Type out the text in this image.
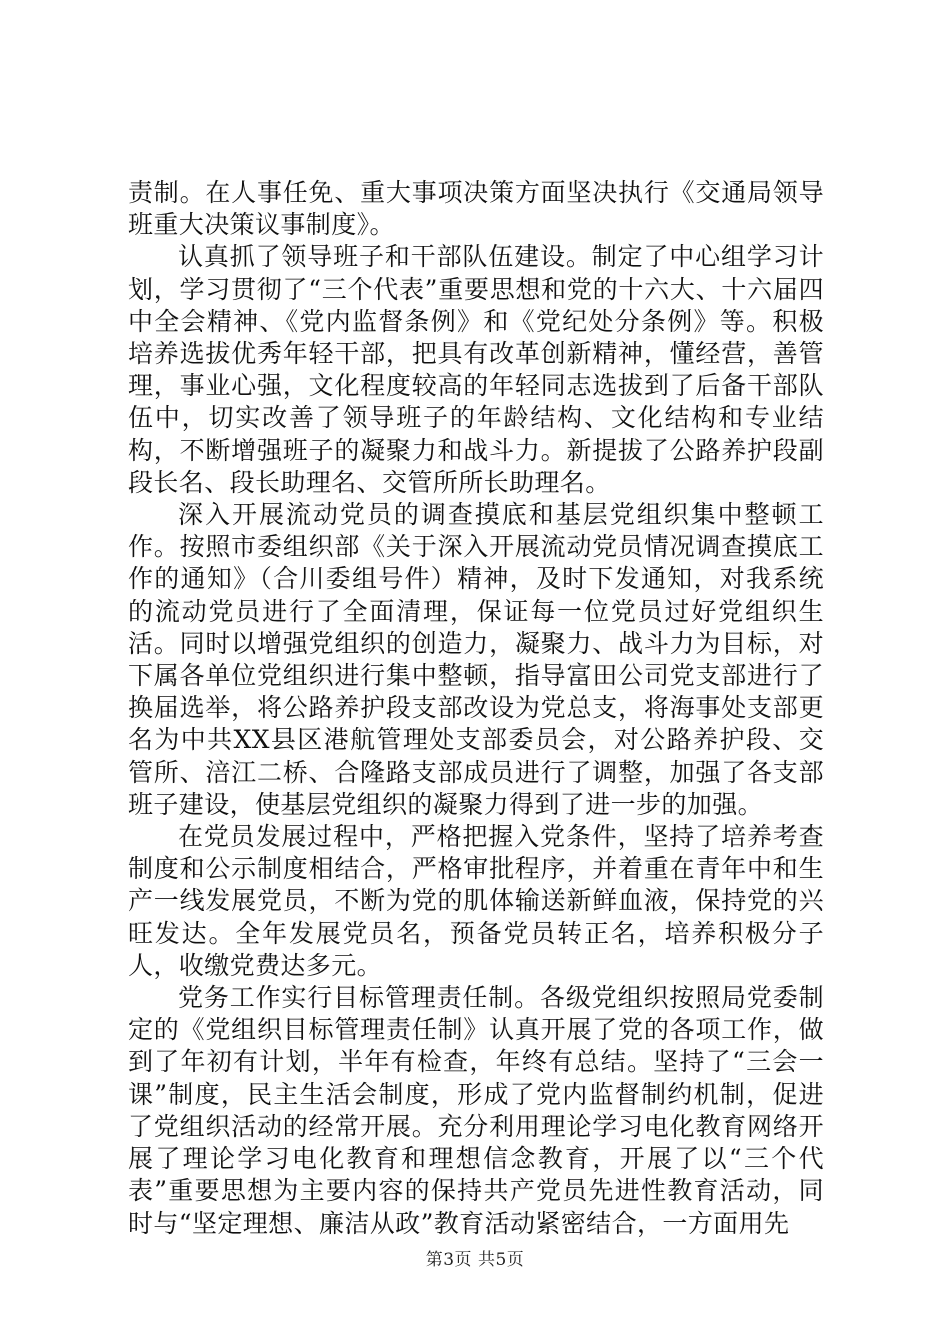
责制。在人事任免、重大事项决策方面坚决执行《交通局领导班重大决策议事制度》。

认真抓了领导班子和干部队伍建设。制定了中心组学习计划，学习贯彻了“三个代表”重要思想和党的十六大、十六届四中全会精神、《党内监督条例》和《党纪处分条例》等。积极培养选拔优秀年轻干部，把具有改革创新精神，懂经营，善管理，事业心强，文化程度较高的年轻同志选拔到了后备干部队伍中，切实改善了领导班子的年龄结构、文化结构和专业结构，不断增强班子的凝聚力和战斗力。新提拔了公路养护段副段长名、段长助理名、交管所所长助理名。

深入开展流动党员的调查摸底和基层党组织集中整顿工作。按照市委组织部《关于深入开展流动党员情况调查摸底工作的通知》（合川委组号件）精神，及时下发通知，对我系统的流动党员进行了全面清理，保证每一位党员过好党组织生活。同时以增强党组织的创造力，凝聚力、战斗力为目标，对下属各单位党组织进行集中整顿，指导富田公司党支部进行了换届选举，将公路养护段支部改设为党总支，将海事处支部更名为中共XX县区港航管理处支部委员会，对公路养护段、交管所、涪江二桥、合隆路支部成员进行了调整，加强了各支部班子建设，使基层党组织的凝聚力得到了进一步的加强。

在党员发展过程中，严格把握入党条件，坚持了培养考查制度和公示制度相结合，严格审批程序，并着重在青年中和生产一线发展党员，不断为党的肌体输送新鲜血液，保持党的兴旺发达。全年发展党员名，预备党员转正名，培养积极分子人，收缴党费达多元。

党务工作实行目标管理责任制。各级党组织按照局党委制定的《党组织目标管理责任制》认真开展了党的各项工作，做到了年初有计划，半年有检查，年终有总结。坚持了“三会一课”制度，民主生活会制度，形成了党内监督制约机制，促进了党组织活动的经常开展。充分利用理论学习电化教育网络开展了理论学习电化教育和理想信念教育，开展了以“三个代表”重要思想为主要内容的保持共产党员先进性教育活动，同时与“坚定理想、廉洁从政”教育活动紧密结合，一方面用先

第3页 共5页
